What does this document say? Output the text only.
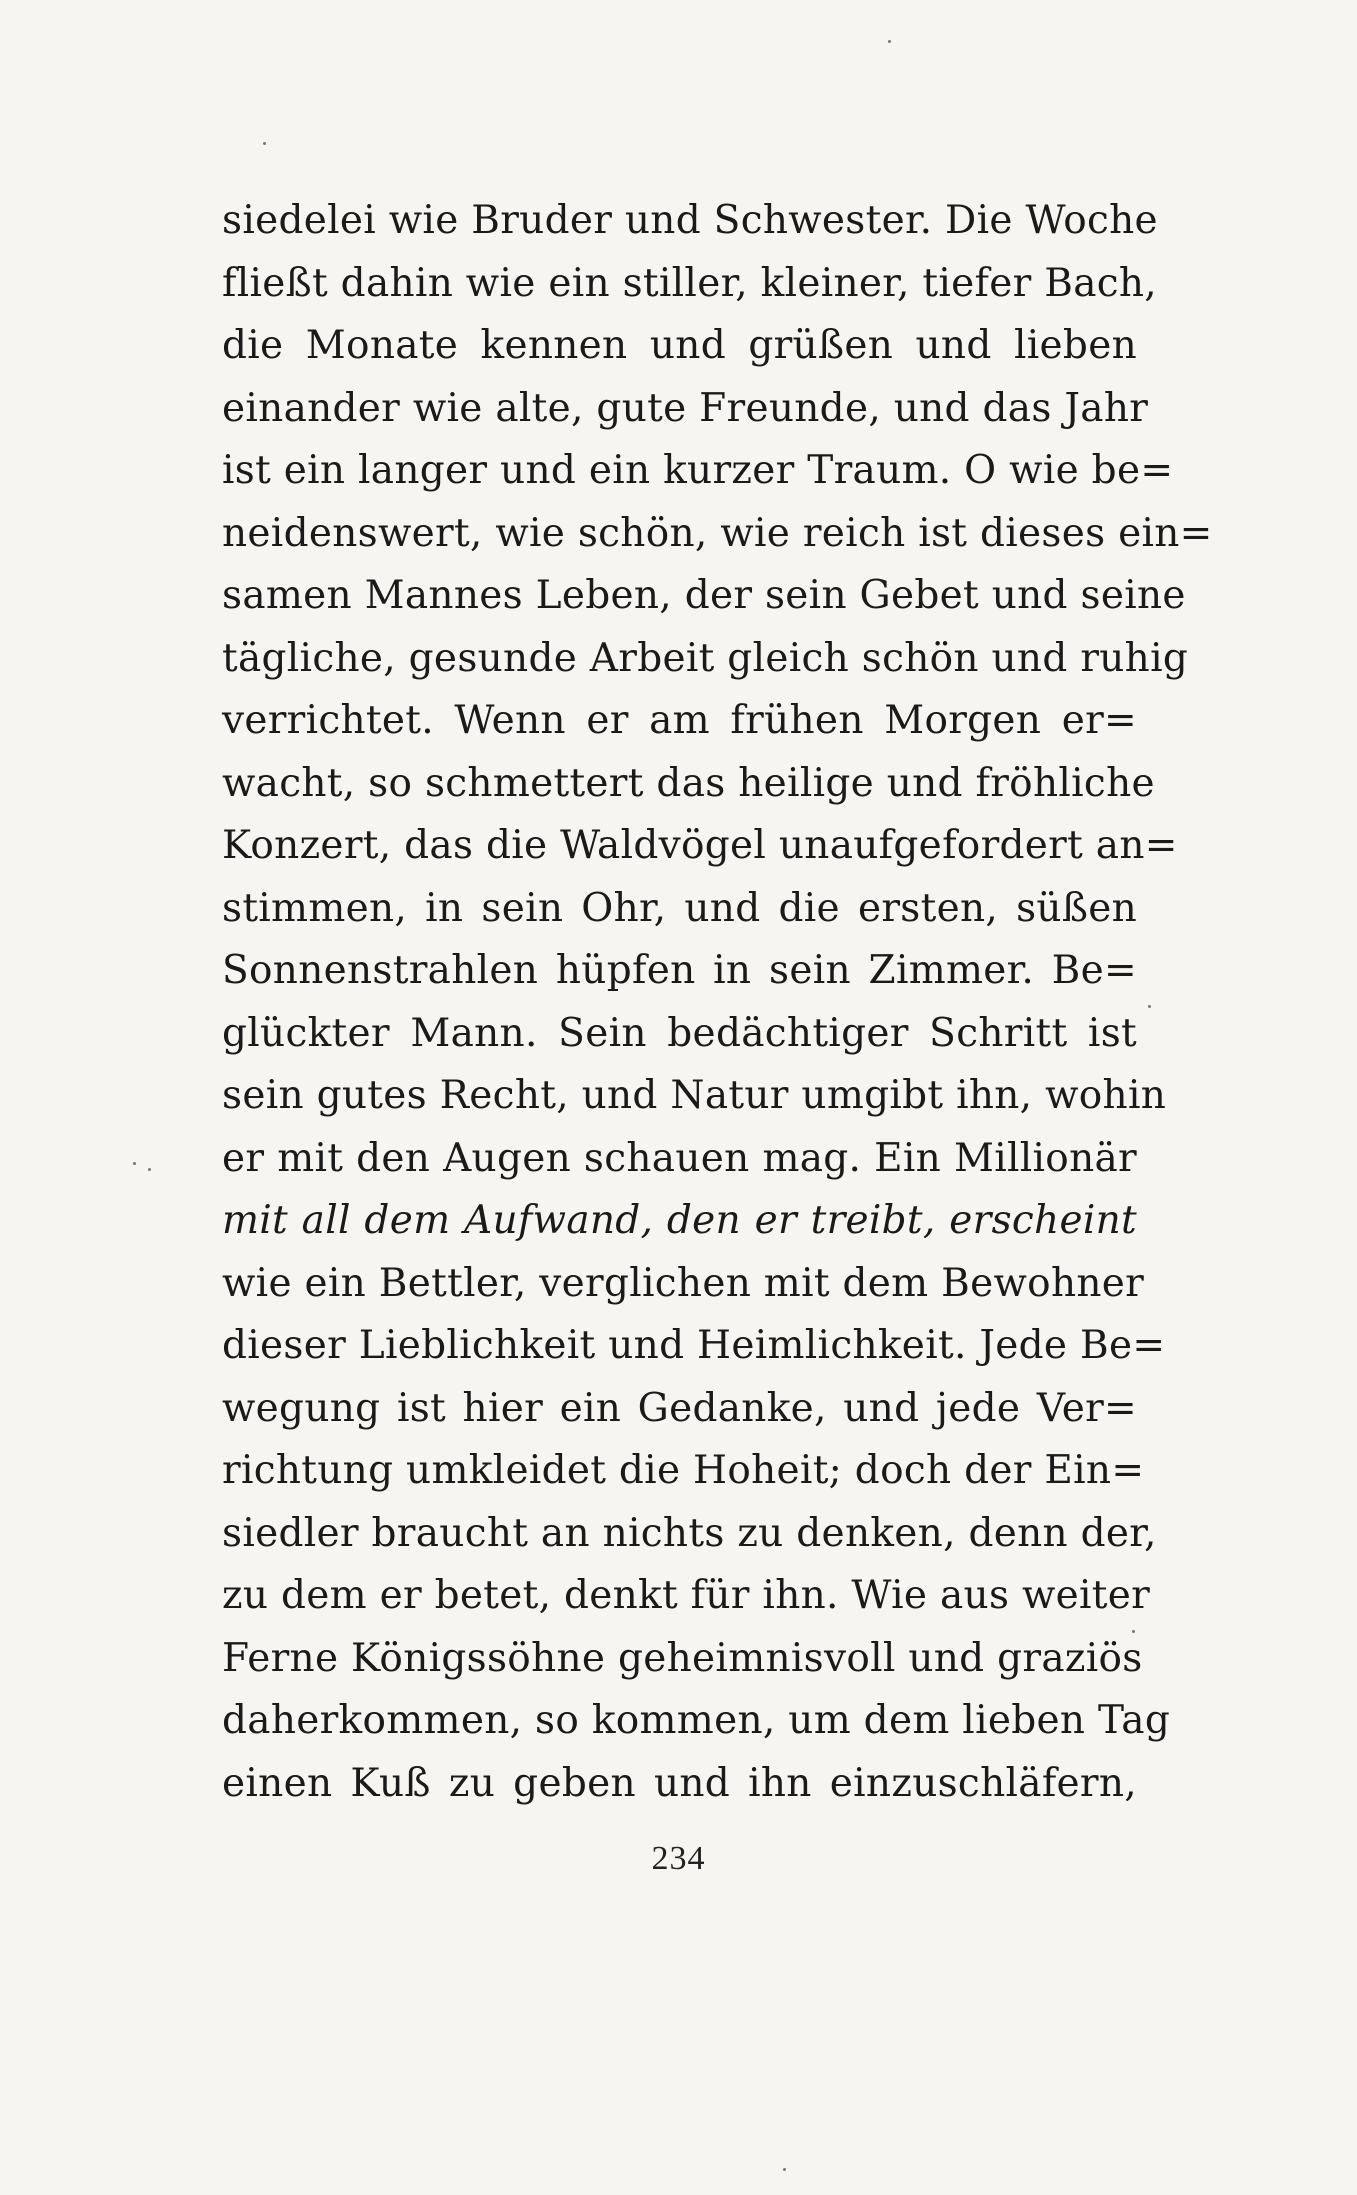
siedelei wie Bruder und Schwester. Die Woche
fließt dahin wie ein stiller, kleiner, tiefer Bach,
die Monate kennen und grüßen und lieben
einander wie alte, gute Freunde, und das Jahr
ist ein langer und ein kurzer Traum. O wie be=
neidenswert, wie schön, wie reich ist dieses ein=
samen Mannes Leben, der sein Gebet und seine
tägliche, gesunde Arbeit gleich schön und ruhig
verrichtet. Wenn er am frühen Morgen er=
wacht, so schmettert das heilige und fröhliche
Konzert, das die Waldvögel unaufgefordert an=
stimmen, in sein Ohr, und die ersten, süßen
Sonnenstrahlen hüpfen in sein Zimmer. Be=
glückter Mann. Sein bedächtiger Schritt ist
sein gutes Recht, und Natur umgibt ihn, wohin
er mit den Augen schauen mag. Ein Millionär
mit all dem Aufwand, den er treibt, erscheint
wie ein Bettler, verglichen mit dem Bewohner
dieser Lieblichkeit und Heimlichkeit. Jede Be=
wegung ist hier ein Gedanke, und jede Ver=
richtung umkleidet die Hoheit; doch der Ein=
siedler braucht an nichts zu denken, denn der,
zu dem er betet, denkt für ihn. Wie aus weiter
Ferne Königssöhne geheimnisvoll und graziös
daherkommen, so kommen, um dem lieben Tag
einen Kuß zu geben und ihn einzuschläfern,
234
